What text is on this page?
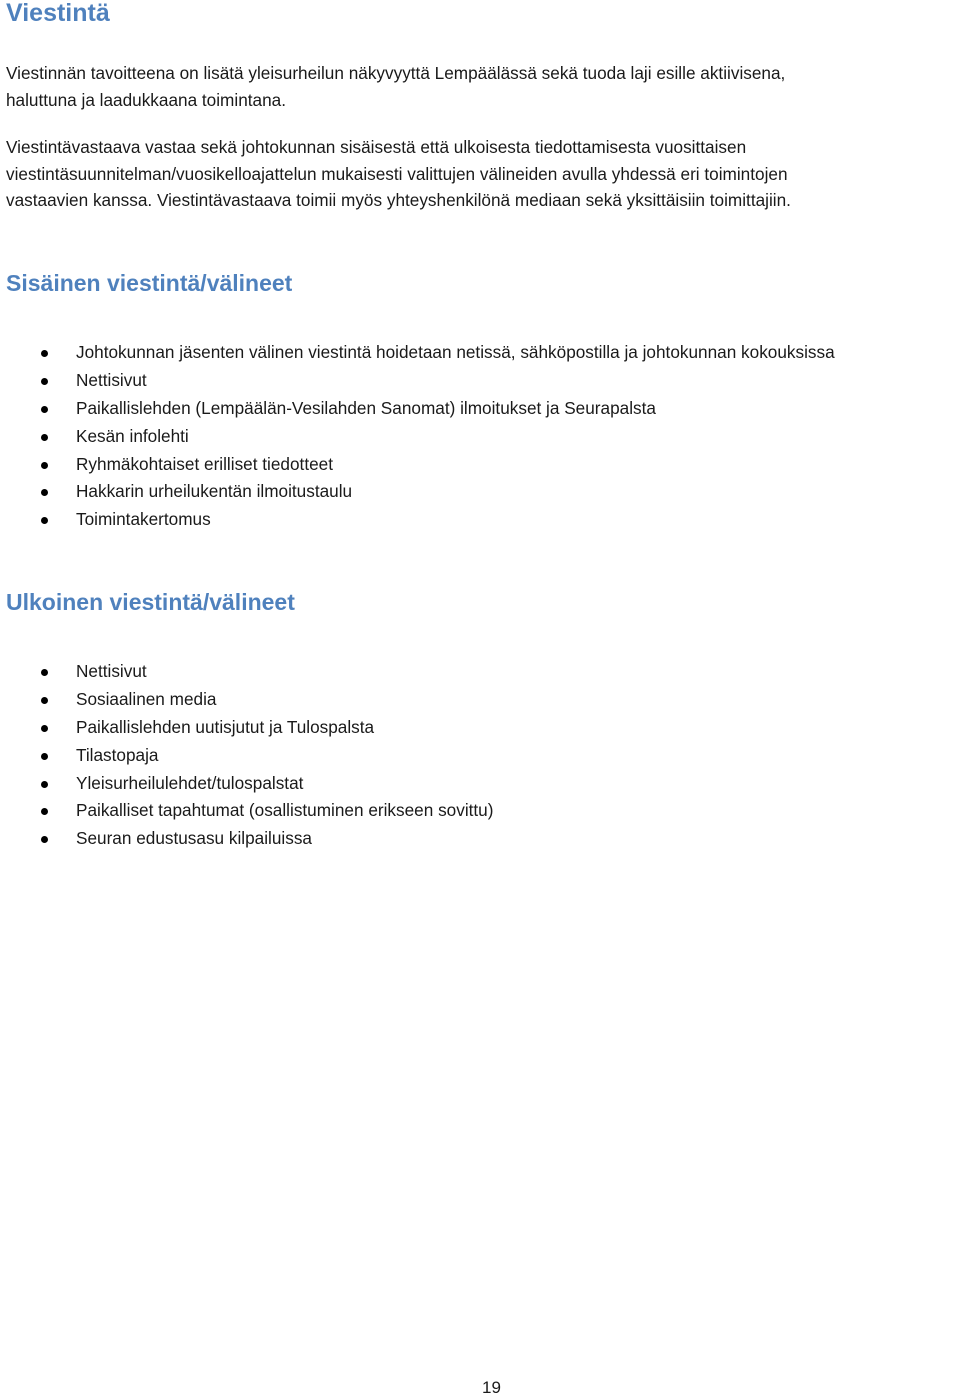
Viestintä

Viestinnän tavoitteena on lisätä yleisurheilun näkyvyyttä Lempäälässä sekä tuoda laji esille aktiivisena,
haluttuna ja laadukkaana toimintana.

Viestintävastaava vastaa sekä johtokunnan sisäisestä että ulkoisesta tiedottamisesta vuosittaisen
viestintäsuunnitelman/vuosikelloajattelun mukaisesti valittujen välineiden avulla yhdessä eri toimintojen
vastaavien kanssa. Viestintävastaava toimii myös yhteyshenkilönä mediaan sekä yksittäisiin toimittajiin.

Sisäinen viestintä/välineet
Johtokunnan jäsenten välinen viestintä hoidetaan netissä, sähköpostilla ja johtokunnan kokouksissa
Nettisivut
Paikallislehden (Lempäälän-Vesilahden Sanomat) ilmoitukset ja Seurapalsta
Kesän infolehti
Ryhmäkohtaiset erilliset tiedotteet
Hakkarin urheilukentän ilmoitustaulu
Toimintakertomus
Ulkoinen viestintä/välineet
Nettisivut
Sosiaalinen media
Paikallislehden uutisjutut ja Tulospalsta
Tilastopaja
Yleisurheilulehdet/tulospalstat
Paikalliset tapahtumat (osallistuminen erikseen sovittu)
Seuran edustusasu kilpailuissa
19
